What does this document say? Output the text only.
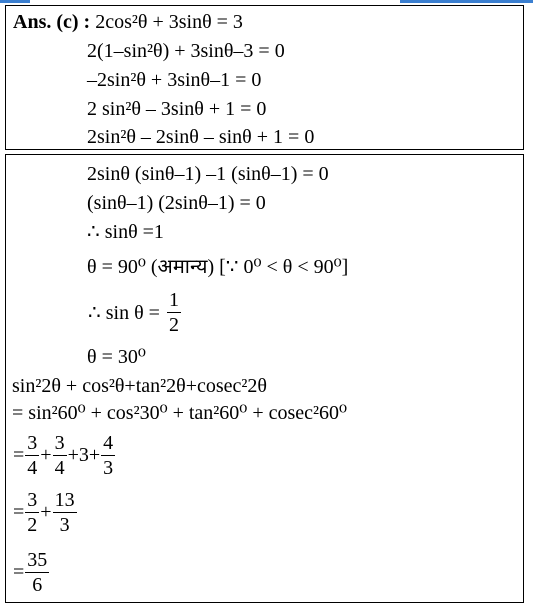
Ans. (c) : 2cos²θ + 3sinθ = 3
2(1–sin²θ) + 3sinθ–3 = 0
–2sin²θ + 3sinθ–1 = 0
2 sin²θ – 3sinθ + 1 = 0
2sin²θ – 2sinθ – sinθ + 1 = 0
2sinθ (sinθ–1) –1 (sinθ–1) = 0
(sinθ–1) (2sinθ–1) = 0
∴ sinθ =1
θ = 90⁰ (अमान्य) [∵ 0⁰ < θ < 90⁰]
∴ $\sin \theta = \frac{1}{2}$
θ = 30⁰
sin²2θ + cos²θ+tan²2θ+cosec²2θ
= sin²60⁰ + cos²30⁰ + tan²60⁰ + cosec²60⁰
= $\frac{3}{4} + \frac{3}{4} +3+ \frac{4}{3}$
= $\frac{3}{2} + \frac{13}{3}$
= $\frac{35}{6}$
